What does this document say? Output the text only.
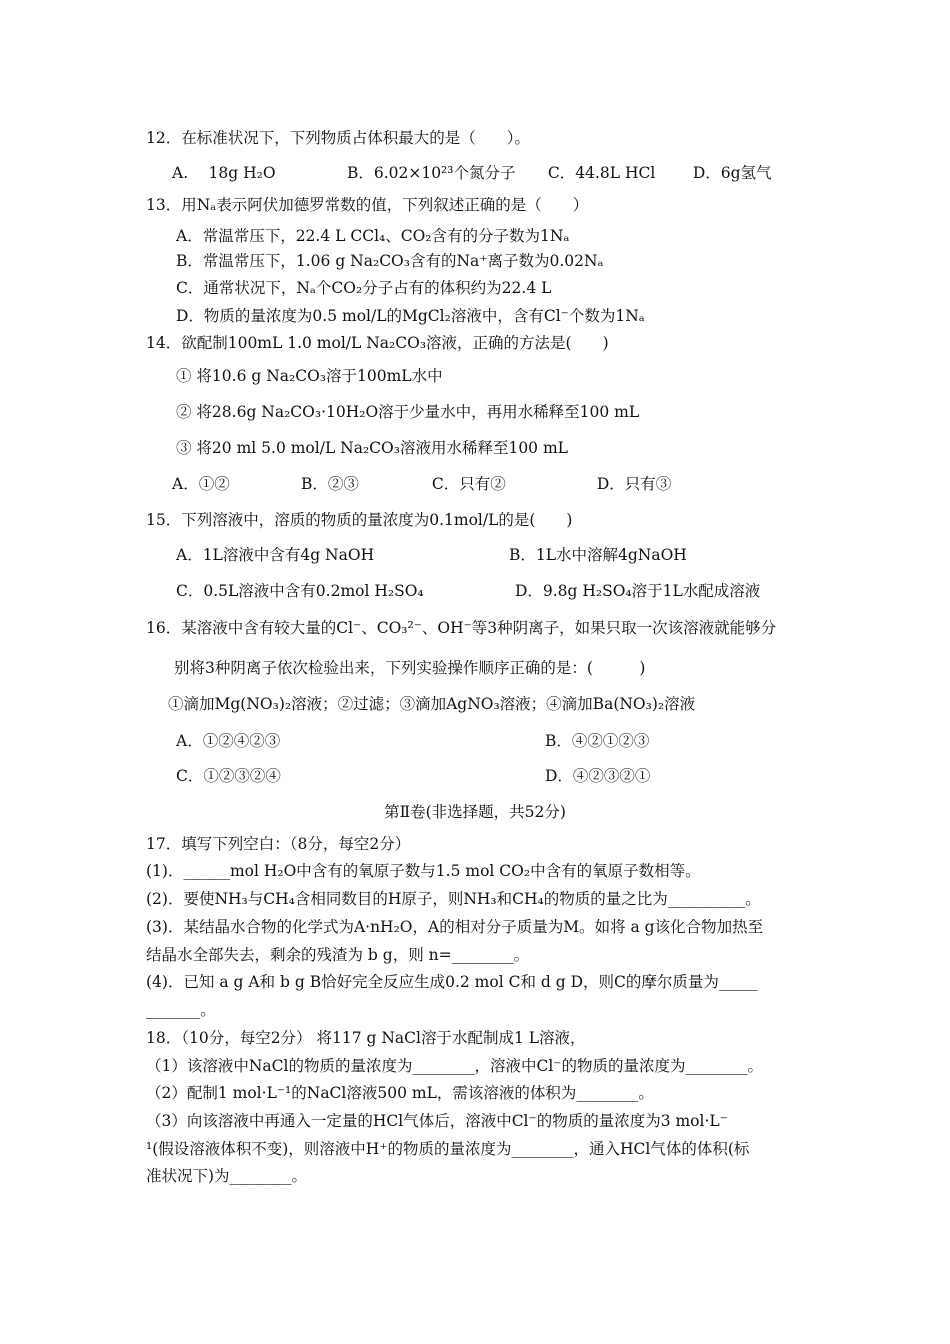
12．在标准状况下，下列物质占体积最大的是（　　）。
A.　 18g H₂O	B．6.02×10²³个氮分子 C．44.8L HCl D．6g氢气
13．用Nₐ表示阿伏加德罗常数的值，下列叙述正确的是（　　）
A．常温常压下，22.4 L CCl₄、CO₂含有的分子数为1Nₐ
B．常温常压下，1.06 g Na₂CO₃含有的Na⁺离子数为0.02Nₐ
C．通常状况下，Nₐ个CO₂分子占有的体积约为22.4 L
D．物质的量浓度为0.5 mol/L的MgCl₂溶液中，含有Cl⁻个数为1Nₐ
14．欲配制100mL 1.0 mol/L Na₂CO₃溶液，正确的方法是(　　)
① 将10.6 g Na₂CO₃溶于100mL水中
② 将28.6g Na₂CO₃·10H₂O溶于少量水中，再用水稀释至100 mL
③ 将20 ml 5.0 mol/L Na₂CO₃溶液用水稀释至100 mL
A．①②	B．②③	C．只有②	D．只有③
15．下列溶液中，溶质的物质的量浓度为0.1mol/L的是(　　)
A．1L溶液中含有4g NaOH	B．1L水中溶解4gNaOH
C．0.5L溶液中含有0.2mol H₂SO₄	D．9.8g H₂SO₄溶于1L水配成溶液
16．某溶液中含有较大量的Cl⁻、CO₃²⁻、OH⁻等3种阴离子，如果只取一次该溶液就能够分
别将3种阴离子依次检验出来，下列实验操作顺序正确的是：(　　　)
①滴加Mg(NO₃)₂溶液；②过滤；③滴加AgNO₃溶液；④滴加Ba(NO₃)₂溶液
A．①②④②③	B．④②①②③
C．①②③②④	D．④②③②①
第Ⅱ卷(非选择题，共52分)
17．填写下列空白：（8分，每空2分）
(1)．______mol H₂O中含有的氧原子数与1.5 mol CO₂中含有的氧原子数相等。
(2)．要使NH₃与CH₄含相同数目的H原子，则NH₃和CH₄的物质的量之比为__________。
(3)．某结晶水合物的化学式为A·nH₂O，A的相对分子质量为M。如将 a g该化合物加热至
结晶水全部失去，剩余的残渣为 b g，则 n=________。
(4)．已知 a g A和 b g B恰好完全反应生成0.2 mol C和 d g D，则C的摩尔质量为_____
_______。
18．（10分，每空2分） 将117 g NaCl溶于水配制成1 L溶液，
（1）该溶液中NaCl的物质的量浓度为________，溶液中Cl⁻的物质的量浓度为________。
（2）配制1 mol·L⁻¹的NaCl溶液500 mL，需该溶液的体积为________。
（3）向该溶液中再通入一定量的HCl气体后，溶液中Cl⁻的物质的量浓度为3 mol·L⁻
¹(假设溶液体积不变)，则溶液中H⁺的物质的量浓度为________，通入HCl气体的体积(标
准状况下)为________。
